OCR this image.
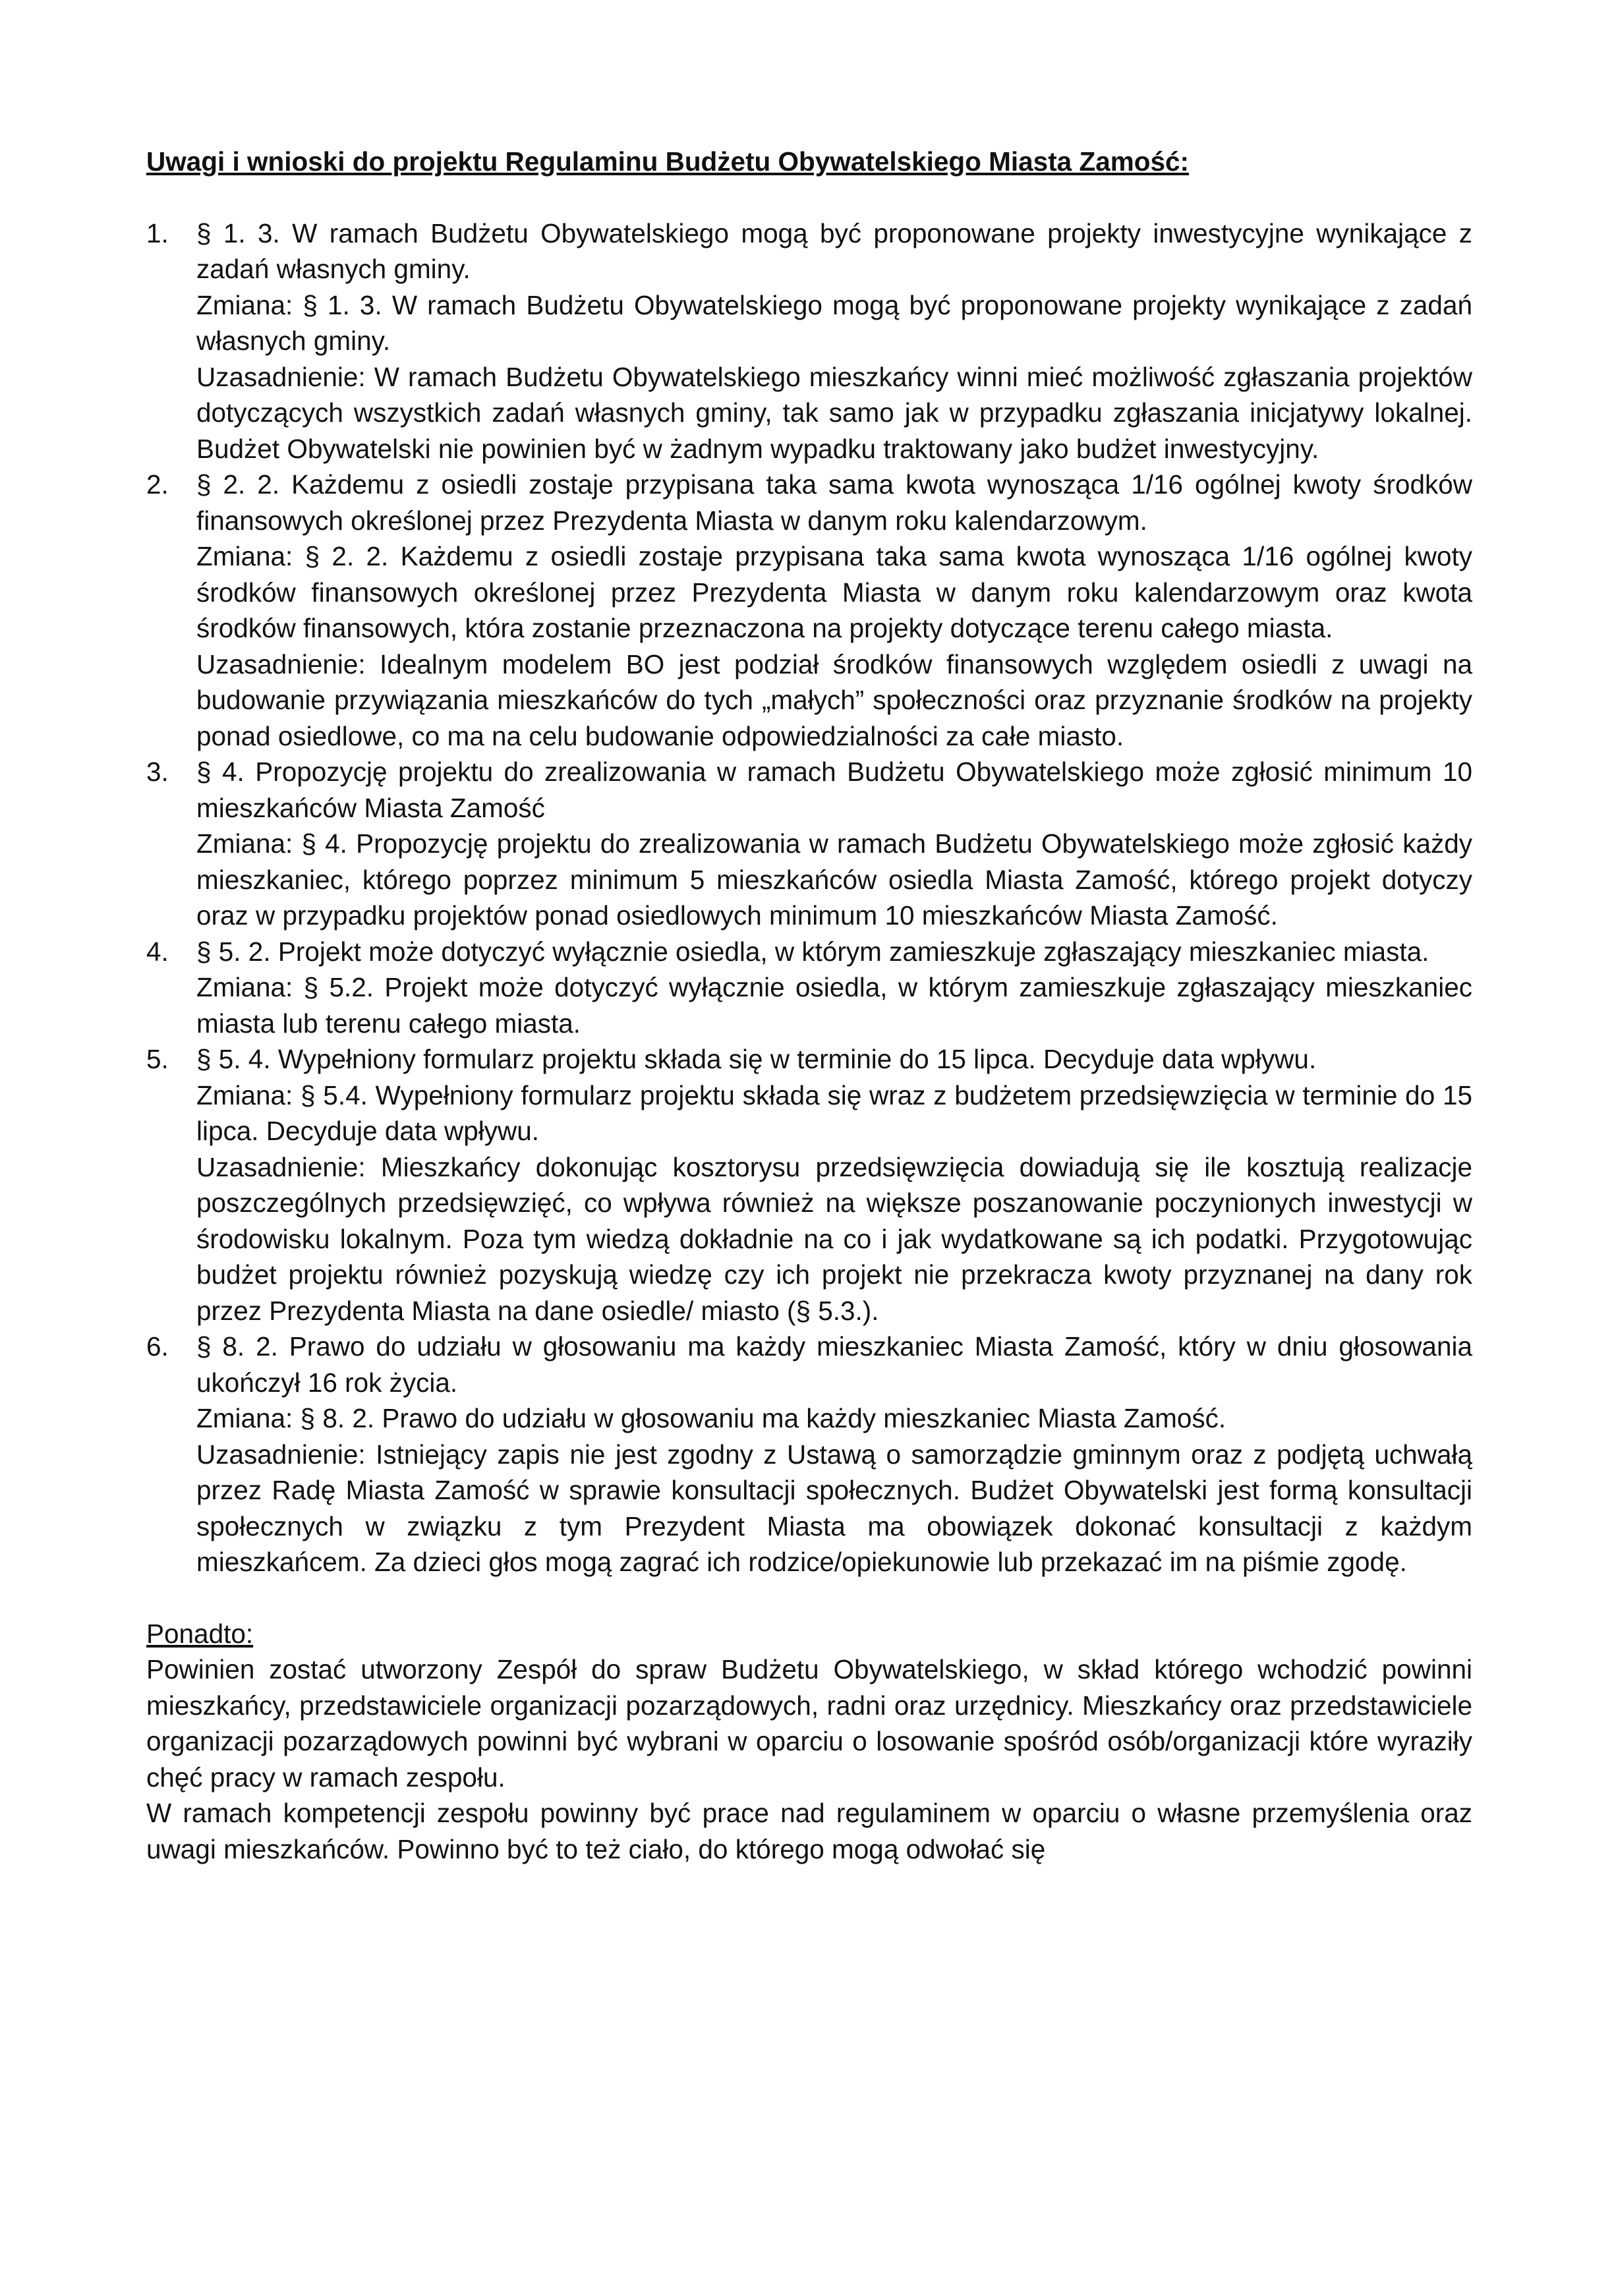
Uwagi i wnioski do projektu Regulaminu Budżetu Obywatelskiego Miasta Zamość:

1. § 1. 3. W ramach Budżetu Obywatelskiego mogą być proponowane projekty inwestycyjne wynikające z zadań własnych gminy.

Zmiana: § 1. 3. W ramach Budżetu Obywatelskiego mogą być proponowane projekty wynikające z zadań własnych gminy.

Uzasadnienie: W ramach Budżetu Obywatelskiego mieszkańcy winni mieć możliwość zgłaszania projektów dotyczących wszystkich zadań własnych gminy, tak samo jak w przypadku zgłaszania inicjatywy lokalnej. Budżet Obywatelski nie powinien być w żadnym wypadku traktowany jako budżet inwestycyjny.

2. § 2. 2. Każdemu z osiedli zostaje przypisana taka sama kwota wynosząca 1/16 ogólnej kwoty środków finansowych określonej przez Prezydenta Miasta w danym roku kalendarzowym.

Zmiana: § 2. 2. Każdemu z osiedli zostaje przypisana taka sama kwota wynosząca 1/16 ogólnej kwoty środków finansowych określonej przez Prezydenta Miasta w danym roku kalendarzowym oraz kwota środków finansowych, która zostanie przeznaczona na projekty dotyczące terenu całego miasta.

Uzasadnienie: Idealnym modelem BO jest podział środków finansowych względem osiedli z uwagi na budowanie przywiązania mieszkańców do tych „małych” społeczności oraz przyznanie środków na projekty ponad osiedlowe, co ma na celu budowanie odpowiedzialności za całe miasto.

3. § 4. Propozycję projektu do zrealizowania w ramach Budżetu Obywatelskiego może zgłosić minimum 10 mieszkańców Miasta Zamość

Zmiana: § 4. Propozycję projektu do zrealizowania w ramach Budżetu Obywatelskiego może zgłosić każdy mieszkaniec, którego poprzez minimum 5 mieszkańców osiedla Miasta Zamość, którego projekt dotyczy oraz w przypadku projektów ponad osiedlowych minimum 10 mieszkańców Miasta Zamość.

4. § 5. 2. Projekt może dotyczyć wyłącznie osiedla, w którym zamieszkuje zgłaszający mieszkaniec miasta.

Zmiana: § 5.2. Projekt może dotyczyć wyłącznie osiedla, w którym zamieszkuje zgłaszający mieszkaniec miasta lub terenu całego miasta.

5. § 5. 4. Wypełniony formularz projektu składa się w terminie do 15 lipca. Decyduje data wpływu.

Zmiana: § 5.4. Wypełniony formularz projektu składa się wraz z budżetem przedsięwzięcia w terminie do 15 lipca. Decyduje data wpływu.

Uzasadnienie: Mieszkańcy dokonując kosztorysu przedsięwzięcia dowiadują się ile kosztują realizacje poszczególnych przedsięwzięć, co wpływa również na większe poszanowanie poczynionych inwestycji w środowisku lokalnym. Poza tym wiedzą dokładnie na co i jak wydatkowane są ich podatki. Przygotowując budżet projektu również pozyskują wiedzę czy ich projekt nie przekracza kwoty przyznanej na dany rok przez Prezydenta Miasta na dane osiedle/ miasto (§ 5.3.).

6. § 8. 2. Prawo do udziału w głosowaniu ma każdy mieszkaniec Miasta Zamość, który w dniu głosowania ukończył 16 rok życia.

Zmiana: § 8. 2. Prawo do udziału w głosowaniu ma każdy mieszkaniec Miasta Zamość.

Uzasadnienie: Istniejący zapis nie jest zgodny z Ustawą o samorządzie gminnym oraz z podjętą uchwałą przez Radę Miasta Zamość w sprawie konsultacji społecznych. Budżet Obywatelski jest formą konsultacji społecznych w związku z tym Prezydent Miasta ma obowiązek dokonać konsultacji z każdym mieszkańcem. Za dzieci głos mogą zagrać ich rodzice/opiekunowie lub przekazać im na piśmie zgodę.

Ponadto:

Powinien zostać utworzony Zespół do spraw Budżetu Obywatelskiego, w skład którego wchodzić powinni mieszkańcy, przedstawiciele organizacji pozarządowych, radni oraz urzędnicy. Mieszkańcy oraz przedstawiciele organizacji pozarządowych powinni być wybrani w oparciu o losowanie spośród osób/organizacji które wyraziły chęć pracy w ramach zespołu.

W ramach kompetencji zespołu powinny być prace nad regulaminem w oparciu o własne przemyślenia oraz uwagi mieszkańców. Powinno być to też ciało, do którego mogą odwołać się
